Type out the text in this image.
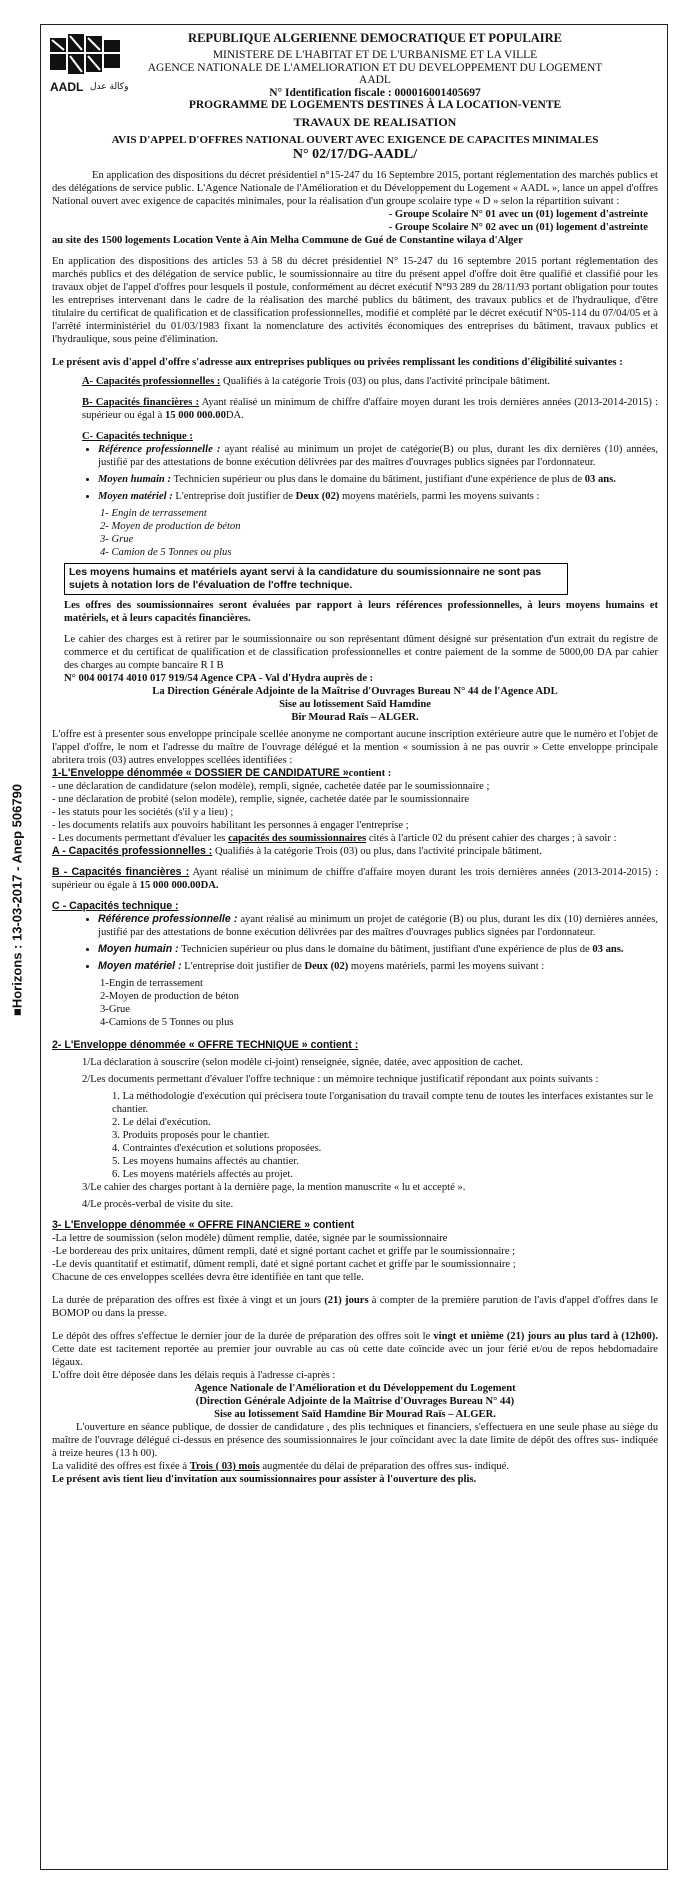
■Horizons : 13-03-2017 - Anep 506790
AADL وكالة عدل
REPUBLIQUE ALGERIENNE DEMOCRATIQUE ET POPULAIRE
MINISTERE DE L'HABITAT ET DE L'URBANISME ET LA VILLE
AGENCE NATIONALE DE L'AMELIORATION ET DU DEVELOPPEMENT DU LOGEMENT
AADL
N° Identification fiscale : 000016001405697
PROGRAMME DE LOGEMENTS DESTINES À LA LOCATION-VENTE
TRAVAUX DE REALISATION
AVIS D'APPEL D'OFFRES NATIONAL OUVERT AVEC EXIGENCE DE CAPACITES MINIMALES
N° 02/17/DG-AADL/

En application des dispositions du décret présidentiel n°15-247 du 16 Septembre 2015, portant réglementation des marchés publics et des délégations de service public. L'Agence Nationale de l'Amélioration et du Développement du Logement « AADL », lance un appel d'offres National ouvert avec exigence de capacités minimales, pour la réalisation d'un groupe scolaire type « D » selon la répartition suivant :

- Groupe Scolaire N° 01 avec un (01) logement d'astreinte

- Groupe Scolaire N° 02 avec un (01) logement d'astreinte

au site des 1500 logements Location Vente à Ain Melha Commune de Gué de Constantine wilaya d'Alger

En application des dispositions des articles 53 à 58 du décret présidentiel N° 15-247 du 16 septembre 2015 portant réglementation des marchés publics et des délégation de service public, le soumissionnaire au titre du présent appel d'offre doit être qualifié et classifié pour les travaux objet de l'appel d'offres pour lesquels il postule, conformément au décret exécutif N°93 289 du 28/11/93 portant obligation pour toutes les entreprises intervenant dans le cadre de la réalisation des marché publics du bâtiment, des travaux publics et de l'hydraulique, d'être titulaire du certificat de qualification et de classification professionnelles, modifié et complété par le décret exécutif N°05-114 du 07/04/05 et à l'arrêté interministériel du 01/03/1983 fixant la nomenclature des activités économiques des entreprises du bâtiment, travaux publics et l'hydraulique, sous peine d'élimination.

Le présent avis d'appel d'offre s'adresse aux entreprises publiques ou privées remplissant les conditions d'éligibilité suivantes :

A- Capacités professionnelles : Qualifiés à la catégorie Trois (03) ou plus, dans l'activité principale bâtiment.

B- Capacités financières : Ayant réalisé un minimum de chiffre d'affaire moyen durant les trois dernières années (2013-2014-2015) : supérieur ou égal à 15 000 000.00DA.

C- Capacités technique :

• Référence professionnelle : ayant réalisé au minimum un projet de catégorie(B) ou plus, durant les dix dernières (10) années, justifié par des attestations de bonne exécution délivrées par des maîtres d'ouvrages publics signées par l'ordonnateur.
• Moyen humain : Technicien supérieur ou plus dans le domaine du bâtiment, justifiant d'une expérience de plus de 03 ans.
• Moyen matériel : L'entreprise doit justifier de Deux (02) moyens matériels, parmi les moyens suivants :

1- Engin de terrassement

2- Moyen de production de béton

3- Grue

4- Camion de 5 Tonnes ou plus

Les moyens humains et matériels ayant servi à la candidature du soumissionnaire ne sont pas sujets à notation lors de l'évaluation de l'offre technique.

Les offres des soumissionnaires seront évaluées par rapport à leurs références professionnelles, à leurs moyens humains et matériels, et à leurs capacités financières.

Le cahier des charges est à retirer par le soumissionnaire ou son représentant dûment désigné sur présentation d'un extrait du registre de commerce et du certificat de qualification et de classification professionnelles et contre paiement de la somme de 5000,00 DA par cahier des charges au compte bancaire R I B

N° 004 00174 4010 017 919/54 Agence CPA - Val d'Hydra auprès de :

La Direction Générale Adjointe de la Maîtrise d'Ouvrages Bureau N° 44 de l'Agence ADL

Sise au lotissement Saïd Hamdine

Bir Mourad Raïs – ALGER.

L'offre est à presenter sous enveloppe principale scellée anonyme ne comportant aucune inscription extérieure autre que le numéro et l'objet de l'appel d'offre, le nom et l'adresse du maître de l'ouvrage délégué et la mention « soumission à ne pas ouvrir » Cette enveloppe principale abritera trois (03) autres enveloppes scellées identifiées :

1-L'Enveloppe dénommée « DOSSIER DE CANDIDATURE »contient :

- une déclaration de candidature (selon modèle), rempli, signée, cachetée datée par le soumissionnaire ;

- une déclaration de probité (selon modèle), remplie, signée, cachetée datée par le soumissionnaire

- les statuts pour les sociétés (s'il y a lieu) ;

- les documents relatifs aux pouvoirs habilitant les personnes à engager l'entreprise ;

- Les documents permettant d'évaluer les capacités des soumissionnaires cités à l'article 02 du présent cahier des charges ; à savoir :

A - Capacités professionnelles : Qualifiés à la catégorie Trois (03) ou plus, dans l'activité principale bâtiment.

B - Capacités financières : Ayant réalisé un minimum de chiffre d'affaire moyen durant les trois dernières années (2013-2014-2015) : supérieur ou égale à 15 000 000.00DA.

C - Capacités technique :

• Référence professionnelle : ayant réalisé au minimum un projet de catégorie (B) ou plus, durant les dix (10) dernières années, justifié par des attestations de bonne exécution délivrées par des maîtres d'ouvrages publics signées par l'ordonnateur.
• Moyen humain : Technicien supérieur ou plus dans le domaine du bâtiment, justifiant d'une expérience de plus de 03 ans.
• Moyen matériel : L'entreprise doit justifier de Deux (02) moyens matériels, parmi les moyens suivant :

1-Engin de terrassement

2-Moyen de production de béton

3-Grue

4-Camions de 5 Tonnes ou plus

2- L'Enveloppe dénommée « OFFRE TECHNIQUE » contient :

1/La déclaration à souscrire (selon modèle ci-joint) renseignée, signée, datée, avec apposition de cachet.

2/Les documents permettant d'évaluer l'offre technique : un mémoire technique justificatif répondant aux points suivants :

1. La méthodologie d'exécution qui précisera toute l'organisation du travail compte tenu de toutes les interfaces existantes sur le chantier.

2. Le délai d'exécution.

3. Produits proposés pour le chantier.

4. Contraintes d'exécution et solutions proposées.

5. Les moyens humains affectés au chantier.

6. Les moyens matériels affectés au projet.

3/Le cahier des charges portant à la dernière page, la mention manuscrite « lu et accepté ».

4/Le procès-verbal de visite du site.

3- L'Enveloppe dénommée « OFFRE FINANCIERE » contient

-La lettre de soumission (selon modèle) dûment remplie, datée, signée par le soumissionnaire

-Le bordereau des prix unitaires, dûment rempli, daté et signé portant cachet et griffe par le soumissionnaire ;

-Le devis quantitatif et estimatif, dûment rempli, daté et signé portant cachet et griffe par le soumissionnaire ;

Chacune de ces enveloppes scellées devra être identifiée en tant que telle.

La durée de préparation des offres est fixée à vingt et un jours (21) jours à compter de la première parution de l'avis d'appel d'offres dans le BOMOP ou dans la presse.

Le dépôt des offres s'effectue le dernier jour de la durée de préparation des offres soit le vingt et unième (21) jours au plus tard à (12h00). Cette date est tacitement reportée au premier jour ouvrable au cas où cette date coïncide avec un jour férié et/ou de repos hebdomadaire légaux.

L'offre doit être déposée dans les délais requis à l'adresse ci-après :

Agence Nationale de l'Amélioration et du Développement du Logement

(Direction Générale Adjointe de la Maîtrise d'Ouvrages Bureau N° 44)

Sise au lotissement Saïd Hamdine Bir Mourad Raïs – ALGER.

L'ouverture en séance publique, de dossier de candidature , des plis techniques et financiers, s'effectuera en une seule phase au siège du maître de l'ouvrage délégué ci-dessus en présence des soumissionnaires le jour coïncidant avec la date limite de dépôt des offres sus- indiquée à treize heures (13 h 00).

La validité des offres est fixée à Trois ( 03) mois augmentée du délai de préparation des offres sus- indiqué.

Le présent avis tient lieu d'invitation aux soumissionnaires pour assister à l'ouverture des plis.
